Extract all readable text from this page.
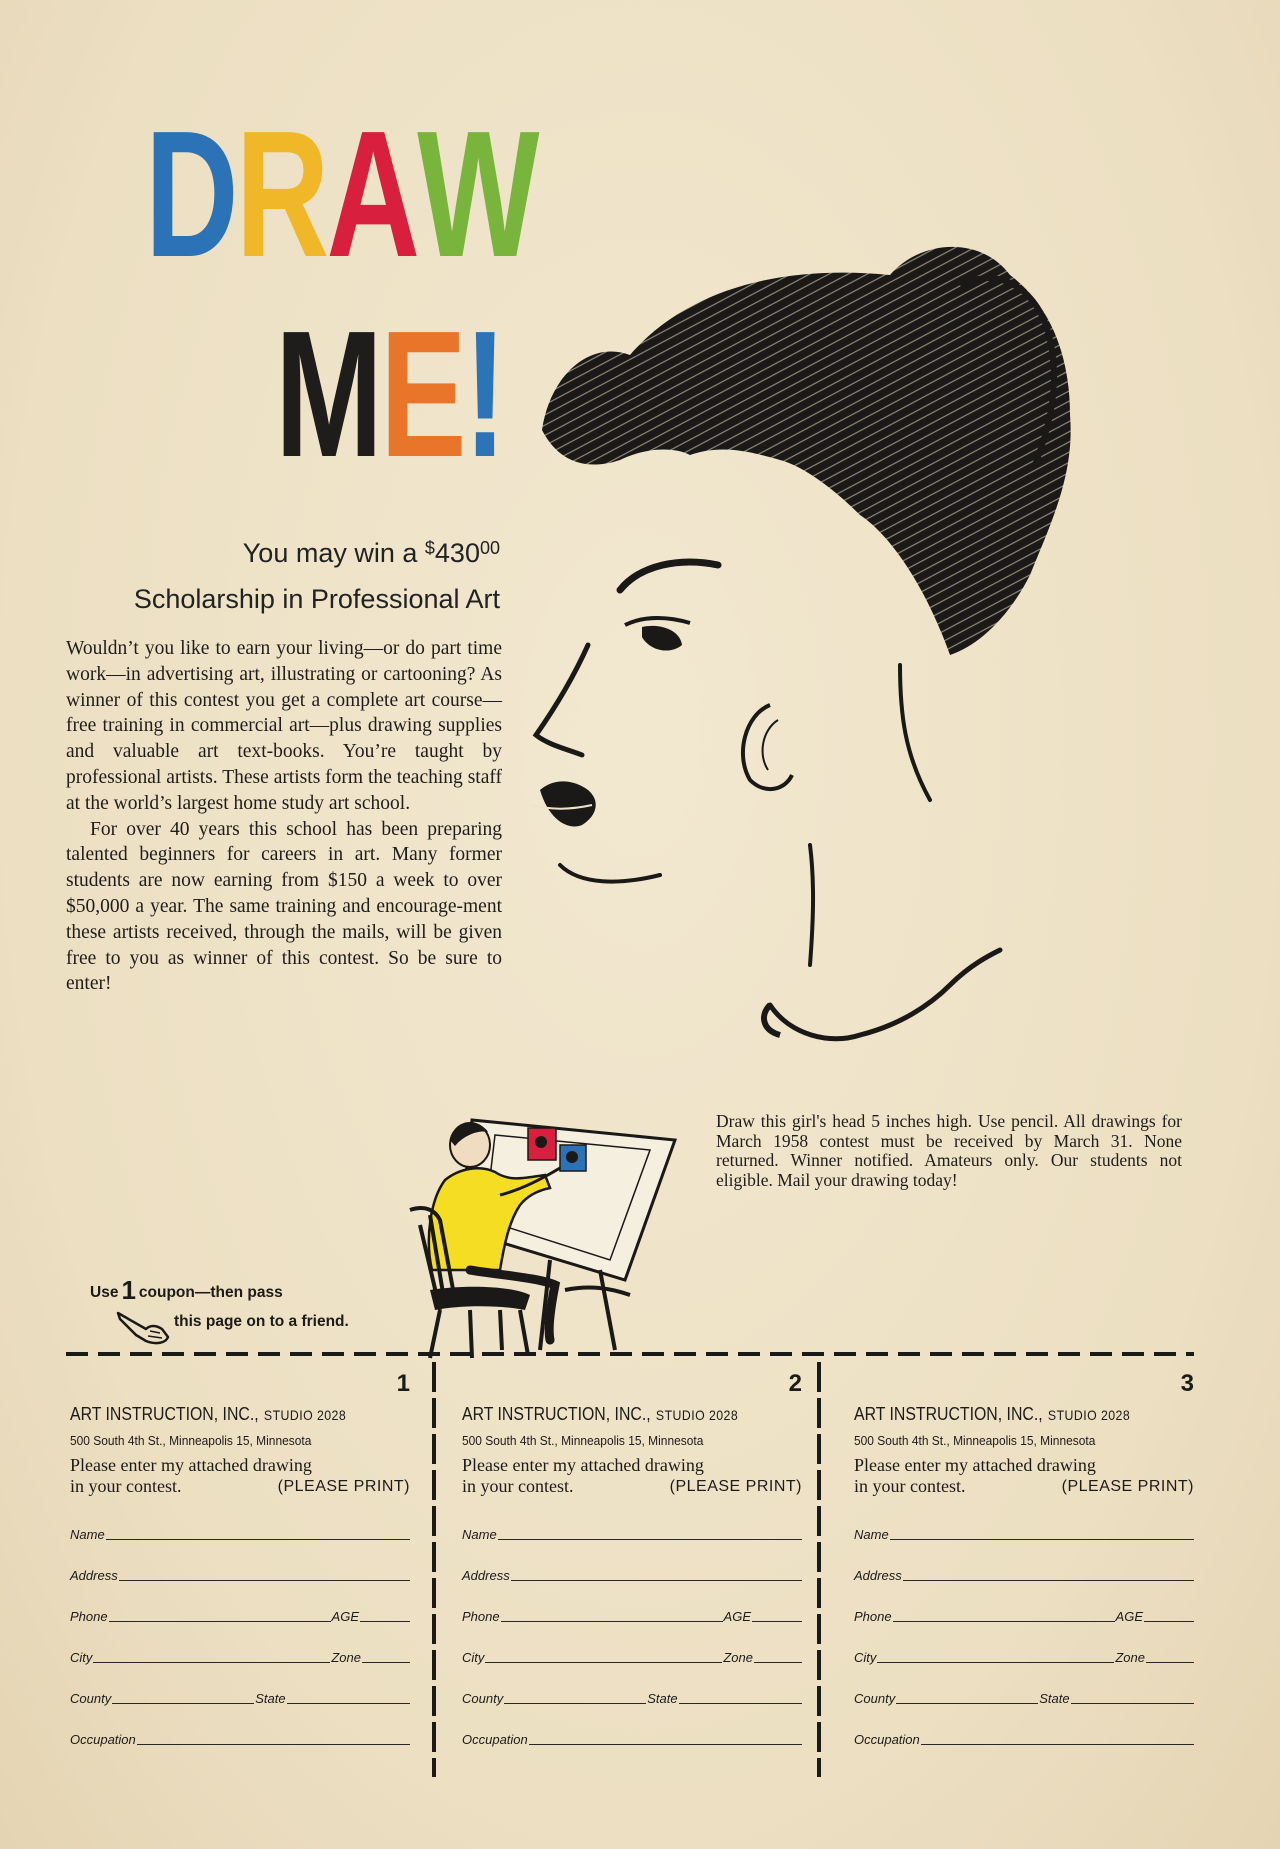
DRAW
ME!
You may win a $^{\$}430^{00}$
Scholarship in Professional Art

Wouldn’t you like to earn your living—or do part time work—in advertising art, illustrating or cartooning? As winner of this contest you get a complete art course—free training in commercial art—plus drawing supplies and valuable art text-books. You’re taught by professional artists. These artists form the teaching staff at the world’s largest home study art school.

For over 40 years this school has been preparing talented beginners for careers in art. Many former students are now earning from $150 a week to over $50,000 a year. The same training and encourage-ment these artists received, through the mails, will be given free to you as winner of this contest. So be sure to enter!

Draw this girl's head 5 inches high. Use pencil. All drawings for March 1958 contest must be received by March 31. None returned. Winner notified. Amateurs only. Our students not eligible. Mail your drawing today!
Use 1 coupon—then pass
this page on to a friend.
1
ART INSTRUCTION, INC., STUDIO 2028
500 South 4th St., Minneapolis 15, Minnesota
Please enter my attached drawing
in your contest.	(PLEASE PRINT)
Name
Address
Phone	AGE
City	Zone
County	State
Occupation
2
ART INSTRUCTION, INC., STUDIO 2028
500 South 4th St., Minneapolis 15, Minnesota
Please enter my attached drawing
in your contest.	(PLEASE PRINT)
Name
Address
Phone	AGE
City	Zone
County	State
Occupation
3
ART INSTRUCTION, INC., STUDIO 2028
500 South 4th St., Minneapolis 15, Minnesota
Please enter my attached drawing
in your contest.	(PLEASE PRINT)
Name
Address
Phone	AGE
City	Zone
County	State
Occupation
